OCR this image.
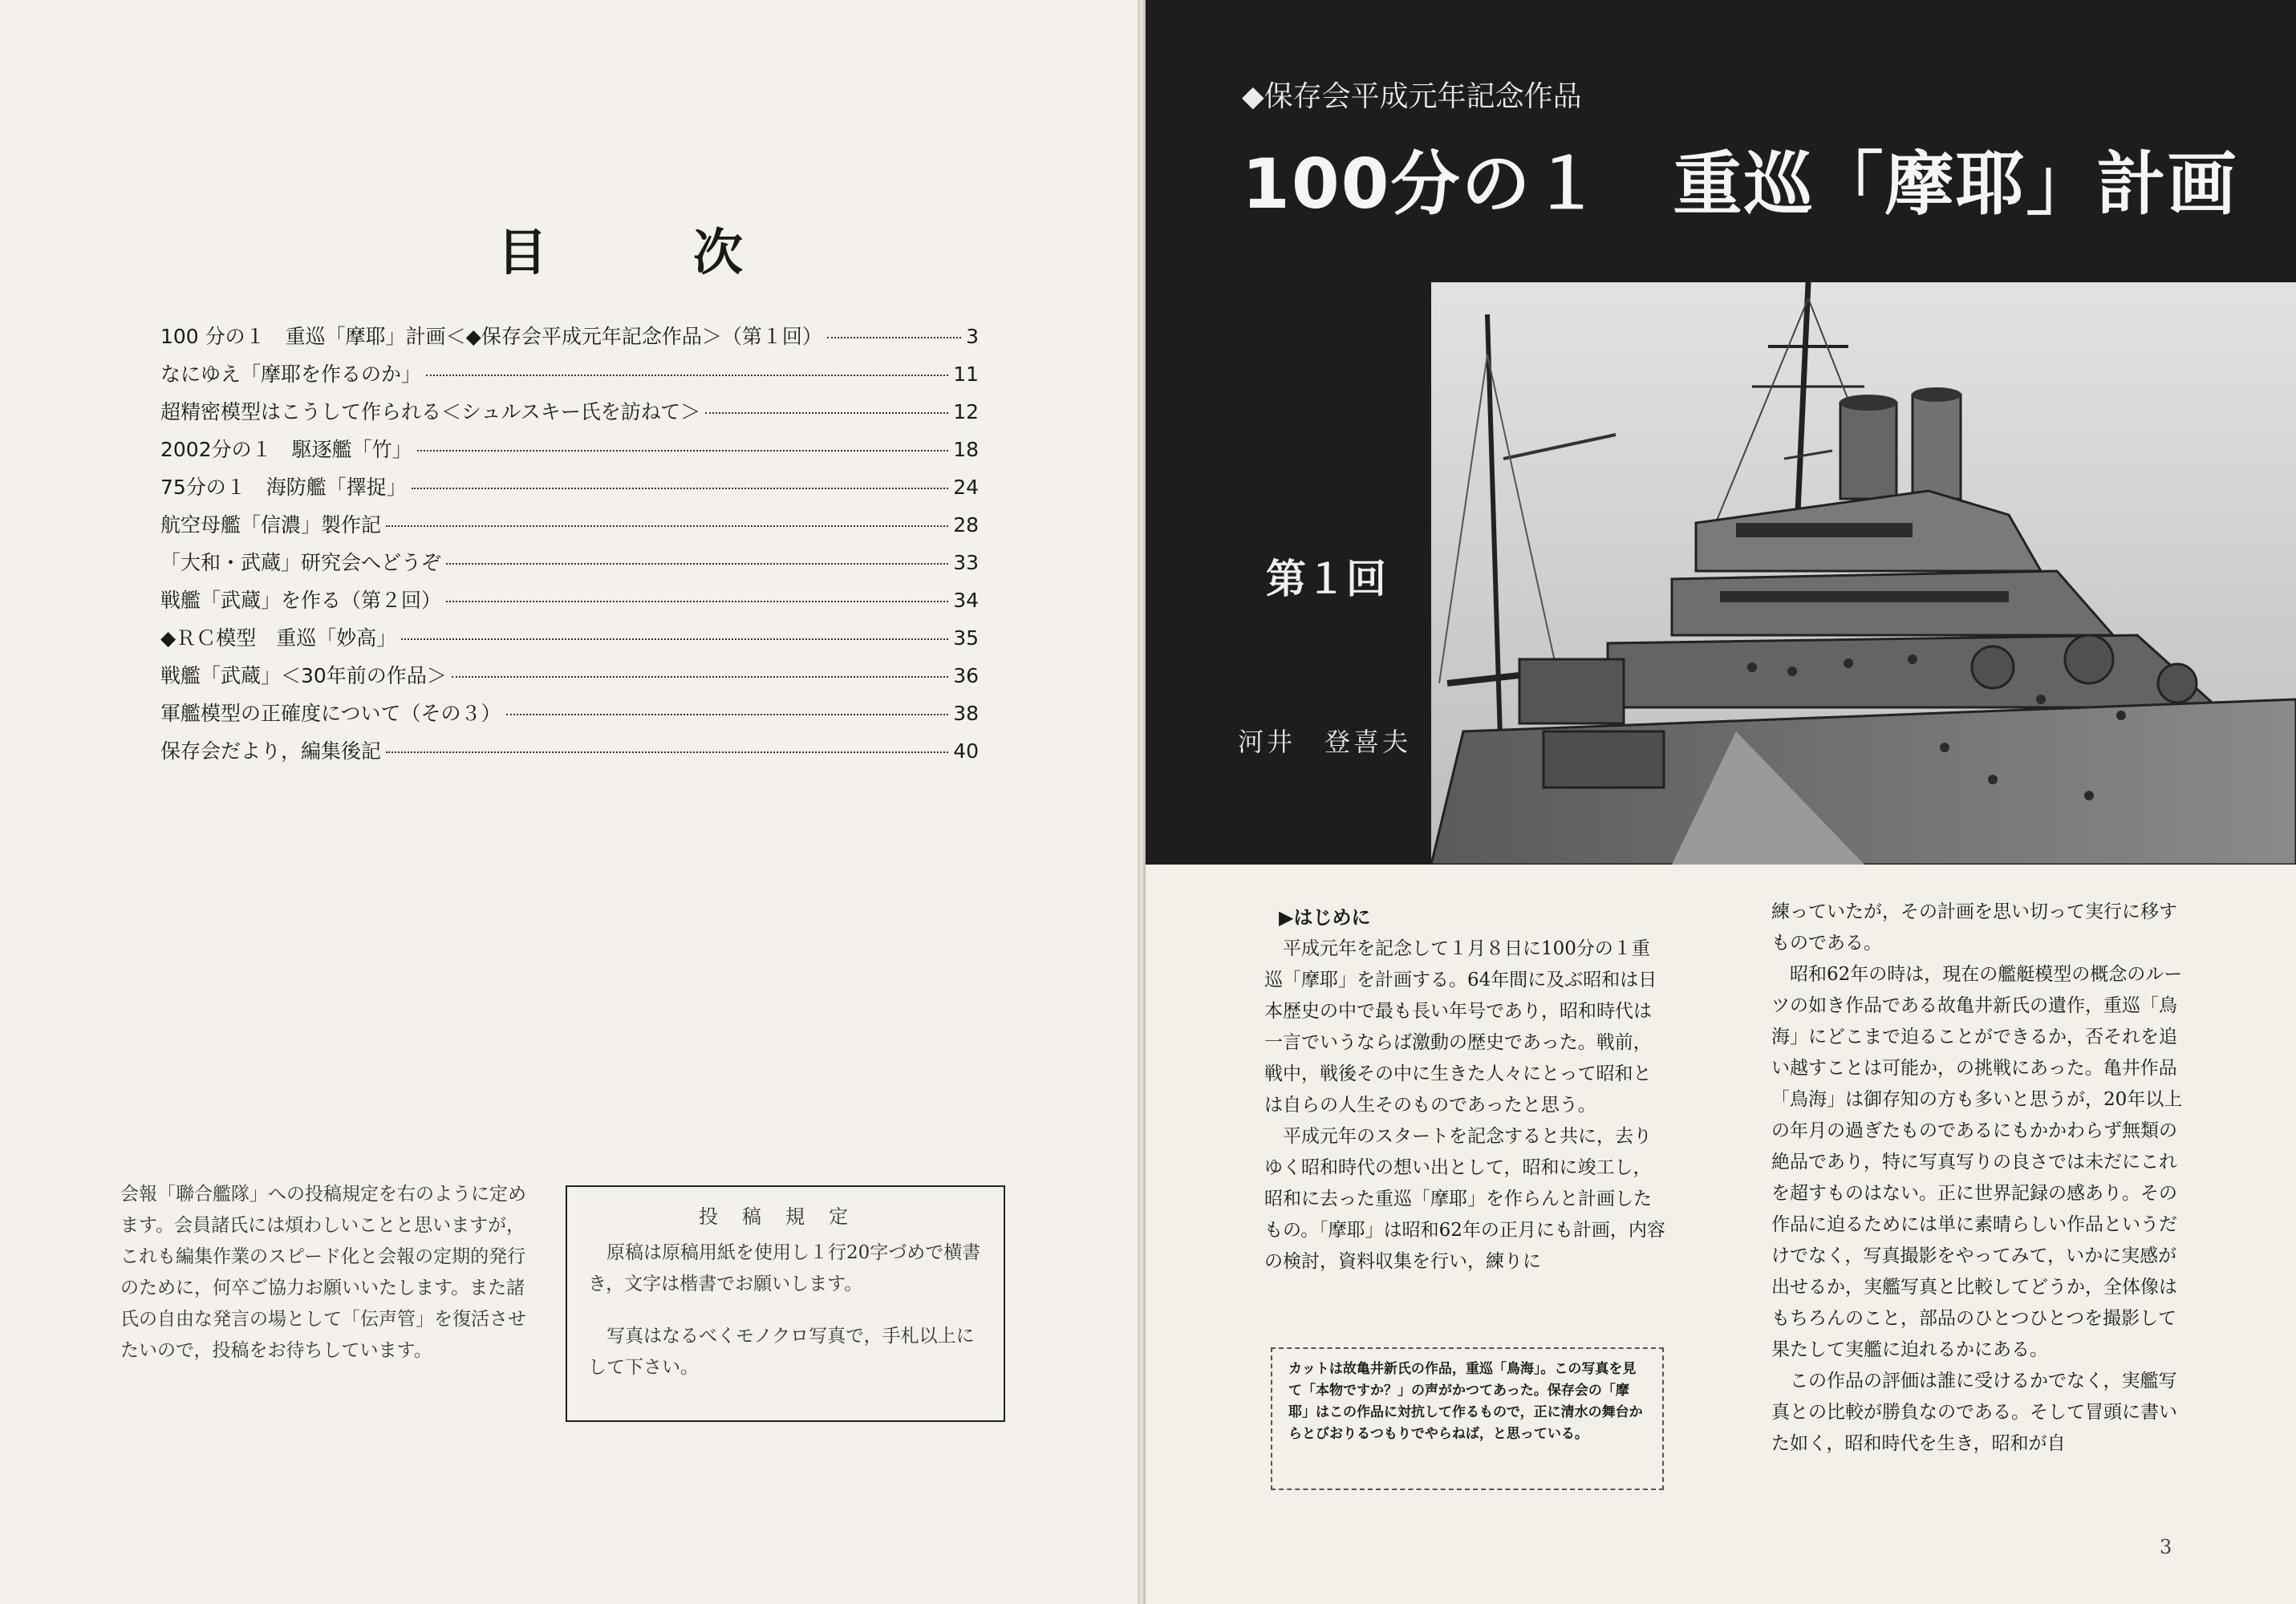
目　次
100 分の１　重巡「摩耶」計画＜◆保存会平成元年記念作品＞（第１回）	3
なにゆえ「摩耶を作るのか」	11
超精密模型はこうして作られる＜シュルスキー氏を訪ねて＞	12
2002分の１　駆逐艦「竹」	18
75分の１　海防艦「擇捉」	24
航空母艦「信濃」製作記	28
「大和・武蔵」研究会へどうぞ	33
戦艦「武蔵」を作る（第２回）	34
◆ＲＣ模型　重巡「妙高」	35
戦艦「武蔵」＜30年前の作品＞	36
軍艦模型の正確度について（その３）	38
保存会だより，編集後記	40
会報「聯合艦隊」への投稿規定を右のように定めます。会員諸氏には煩わしいことと思いますが，これも編集作業のスピード化と会報の定期的発行のために，何卒ご協力お願いいたします。また諸氏の自由な発言の場として「伝声管」を復活させたいので，投稿をお待ちしています。
投稿規定

原稿は原稿用紙を使用し１行20字づめで横書き，文字は楷書でお願いします。

写真はなるべくモノクロ写真で，手札以上にして下さい。

◆保存会平成元年記念作品
100分の１　重巡「摩耶」計画
第１回
河井　登喜夫
▶はじめに

平成元年を記念して１月８日に100分の１重巡「摩耶」を計画する。64年間に及ぶ昭和は日本歴史の中で最も長い年号であり，昭和時代は一言でいうならば激動の歴史であった。戦前，戦中，戦後その中に生きた人々にとって昭和とは自らの人生そのものであったと思う。

平成元年のスタートを記念すると共に，去りゆく昭和時代の想い出として，昭和に竣工し，昭和に去った重巡「摩耶」を作らんと計画したもの。「摩耶」は昭和62年の正月にも計画，内容の検討，資料収集を行い，練りに

カットは故亀井新氏の作品，重巡「鳥海」。この写真を見て「本物ですか？」の声がかつてあった。保存会の「摩耶」はこの作品に対抗して作るもので，正に清水の舞台からとびおりるつもりでやらねば，と思っている。

練っていたが，その計画を思い切って実行に移すものである。

昭和62年の時は，現在の艦艇模型の概念のルーツの如き作品である故亀井新氏の遺作，重巡「鳥海」にどこまで迫ることができるか，否それを追い越すことは可能か，の挑戦にあった。亀井作品「鳥海」は御存知の方も多いと思うが，20年以上の年月の過ぎたものであるにもかかわらず無類の絶品であり，特に写真写りの良さでは未だにこれを超すものはない。正に世界記録の感あり。その作品に迫るためには単に素晴らしい作品というだけでなく，写真撮影をやってみて，いかに実感が出せるか，実艦写真と比較してどうか，全体像はもちろんのこと，部品のひとつひとつを撮影して果たして実艦に迫れるかにある。

この作品の評価は誰に受けるかでなく，実艦写真との比較が勝負なのである。そして冒頭に書いた如く，昭和時代を生き，昭和が自

3
